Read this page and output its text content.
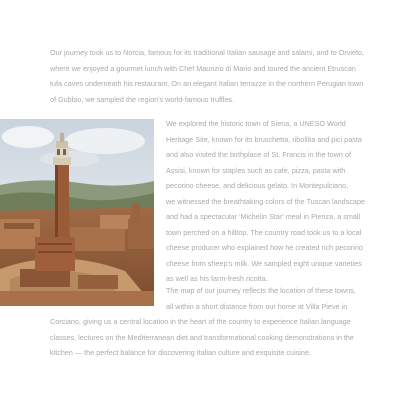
Our journey took us to Norcia, famous for its traditional Italian sausage and salami, and to Orvieto,
where we enjoyed a gourmet lunch with Chef Maurizio di Mario and toured the ancient Etruscan
tufa caves underneath his restaurant. On an elegant Italian terrazze in the northern Perugian town
of Gubbio, we sampled the region's world-famous truffles.
We explored the historic town of Siena, a UNESO World
Heritage Site, known for its bruschetta, ribollita and pici pasta
and also visited the birthplace of St. Francis in the town of
Assisi, known for staples such as cafe, pizza, pasta with
pecorino cheese, and delicious gelato. In Montepulciano,
we witnessed the breathtaking colors of the Tuscan landscape
and had a spectacular 'Michelin Star' meal in Pienza, a small
town perched on a hilltop. The country road took us to a local
cheese producer who explained how he created rich pecorino
cheese from sheep's milk. We sampled eight unique varieties
as well as his farm-fresh ricotta.
The map of our journey reflects the location of these towns,
all within a short distance from our home at Villa Pieve in
Corciano, giving us a central location in the heart of the country to experience Italian language
classes, lectures on the Mediterranean diet and transformational cooking demonstrations in the
kitchen — the perfect balance for discovering Italian culture and exquisite cuisine.
